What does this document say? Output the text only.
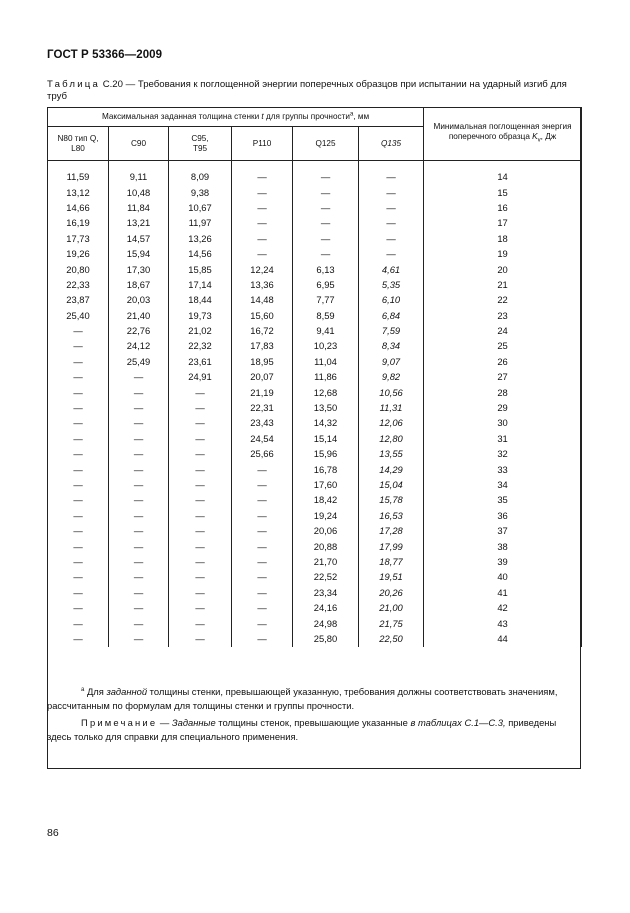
ГОСТ Р 53366—2009
Таблица С.20 — Требования к поглощенной энергии поперечных образцов при испытании на ударный изгиб для труб
Максимальная заданная толщина стенки t для группы прочности$^а$, мм						Минимальная поглощенная энергия поперечного образца $K_v$, Дж
N80 тип Q, L80	C90	C95, T95	P110	Q125	Q135	

11,59	9,11	8,09	—	—	—	14
13,12	10,48	9,38	—	—	—	15
14,66	11,84	10,67	—	—	—	16
16,19	13,21	11,97	—	—	—	17
17,73	14,57	13,26	—	—	—	18
19,26	15,94	14,56	—	—	—	19
20,80	17,30	15,85	12,24	6,13	4,61	20
22,33	18,67	17,14	13,36	6,95	5,35	21
23,87	20,03	18,44	14,48	7,77	6,10	22
25,40	21,40	19,73	15,60	8,59	6,84	23
—	22,76	21,02	16,72	9,41	7,59	24
—	24,12	22,32	17,83	10,23	8,34	25
—	25,49	23,61	18,95	11,04	9,07	26
—	—	24,91	20,07	11,86	9,82	27
—	—	—	21,19	12,68	10,56	28
—	—	—	22,31	13,50	11,31	29
—	—	—	23,43	14,32	12,06	30
—	—	—	24,54	15,14	12,80	31
—	—	—	25,66	15,96	13,55	32
—	—	—	—	16,78	14,29	33
—	—	—	—	17,60	15,04	34
—	—	—	—	18,42	15,78	35
—	—	—	—	19,24	16,53	36
—	—	—	—	20,06	17,28	37
—	—	—	—	20,88	17,99	38
—	—	—	—	21,70	18,77	39
—	—	—	—	22,52	19,51	40
—	—	—	—	23,34	20,26	41
—	—	—	—	24,16	21,00	42
—	—	—	—	24,98	21,75	43
—	—	—	—	25,80	22,50	44

$^а$ Для заданной толщины стенки, превышающей указанную, требования должны соответствовать значениям, рассчитанным по формулам для толщины стенки и группы прочности.

Примечание — Заданные толщины стенок, превышающие указанные в таблицах С.1—С.3, приведены здесь только для справки для специального применения.

86
